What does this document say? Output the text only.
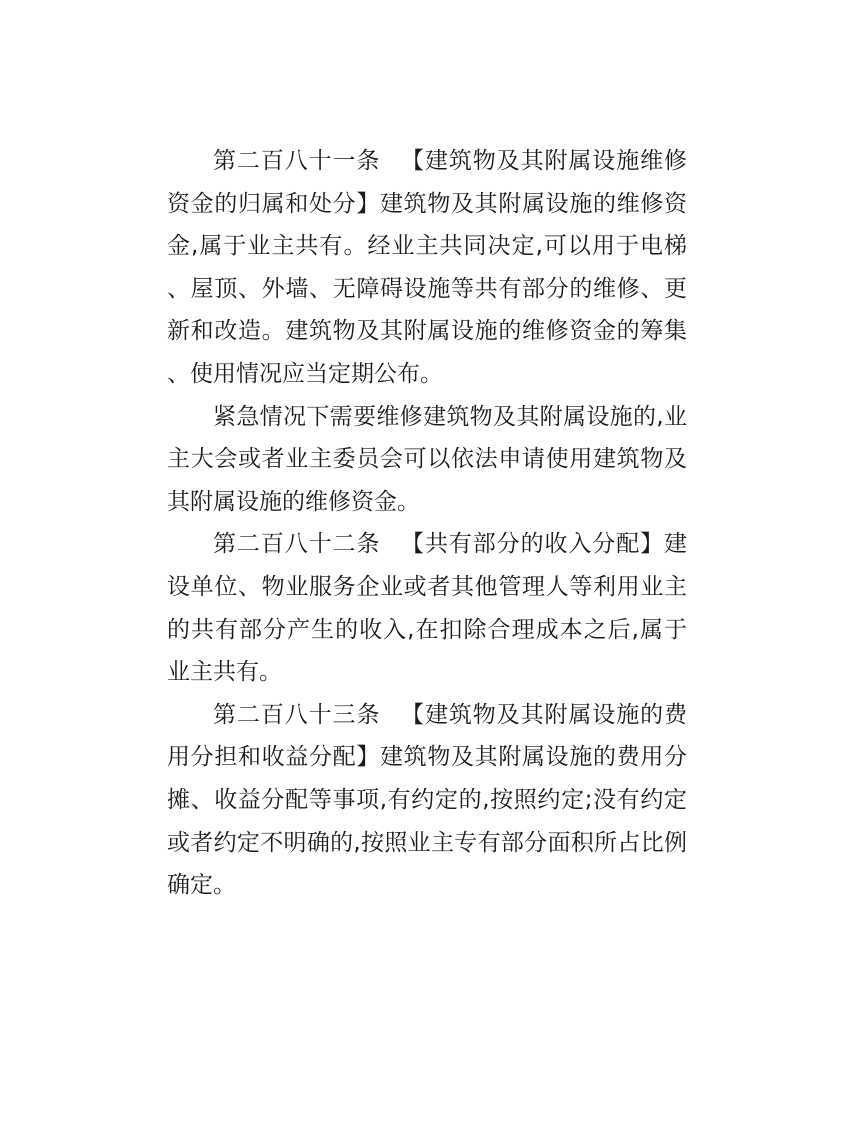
第二百八十一条 【建筑物及其附属设施维修资金的归属和处分】建筑物及其附属设施的维修资金,属于业主共有。经业主共同决定,可以用于电梯、屋顶、外墙、无障碍设施等共有部分的维修、更新和改造。建筑物及其附属设施的维修资金的筹集、使用情况应当定期公布。

紧急情况下需要维修建筑物及其附属设施的,业主大会或者业主委员会可以依法申请使用建筑物及其附属设施的维修资金。

第二百八十二条 【共有部分的收入分配】建设单位、物业服务企业或者其他管理人等利用业主的共有部分产生的收入,在扣除合理成本之后,属于业主共有。

第二百八十三条 【建筑物及其附属设施的费用分担和收益分配】建筑物及其附属设施的费用分摊、收益分配等事项,有约定的,按照约定;没有约定或者约定不明确的,按照业主专有部分面积所占比例确定。
